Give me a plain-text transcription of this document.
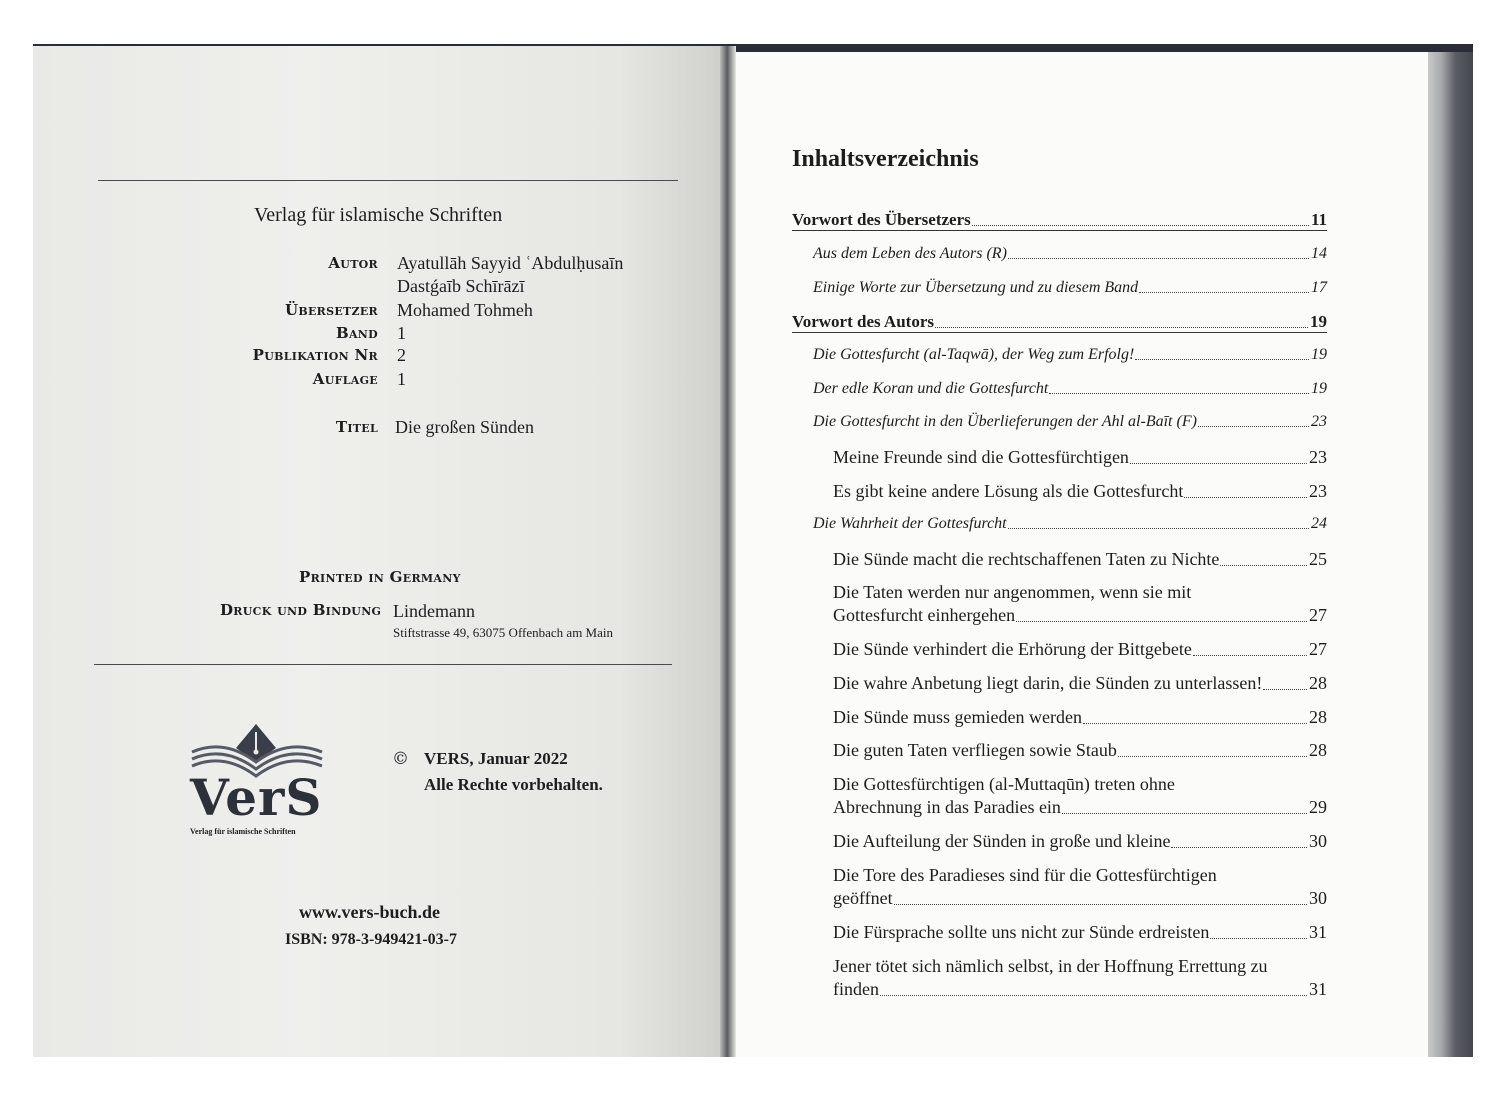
Verlag für islamische Schriften
Autor Ayatullāh Sayyid ʿAbdulḥusaīn
Dastǵaīb Schīrāzī
Übersetzer Mohamed Tohmeh
Band 1
Publikation Nr 2
Auflage 1
Titel Die großen Sünden
Printed in Germany
Druck und Bindung Lindemann
Stiftstrasse 49, 63075 Offenbach am Main
VerS
Verlag für islamische Schriften
© VERS, Januar 2022
Alle Rechte vorbehalten.
www.vers-buch.de
ISBN: 978-3-949421-03-7
Inhaltsverzeichnis
Vorwort des Übersetzers	11
Aus dem Leben des Autors (R)	14
Einige Worte zur Übersetzung und zu diesem Band	17
Vorwort des Autors	19
Die Gottesfurcht (al-Taqwā), der Weg zum Erfolg!	19
Der edle Koran und die Gottesfurcht	19
Die Gottesfurcht in den Überlieferungen der Ahl al-Baīt (F)	23
Meine Freunde sind die Gottesfürchtigen	23
Es gibt keine andere Lösung als die Gottesfurcht	23
Die Wahrheit der Gottesfurcht	24
Die Sünde macht die rechtschaffenen Taten zu Nichte	25
Die Taten werden nur angenommen, wenn sie mit
Gottesfurcht einhergehen	27
Die Sünde verhindert die Erhörung der Bittgebete	27
Die wahre Anbetung liegt darin, die Sünden zu unterlassen!	28
Die Sünde muss gemieden werden	28
Die guten Taten verfliegen sowie Staub	28
Die Gottesfürchtigen (al-Muttaqūn) treten ohne
Abrechnung in das Paradies ein	29
Die Aufteilung der Sünden in große und kleine	30
Die Tore des Paradieses sind für die Gottesfürchtigen
geöffnet	30
Die Fürsprache sollte uns nicht zur Sünde erdreisten	31
Jener tötet sich nämlich selbst, in der Hoffnung Errettung zu
finden	31
